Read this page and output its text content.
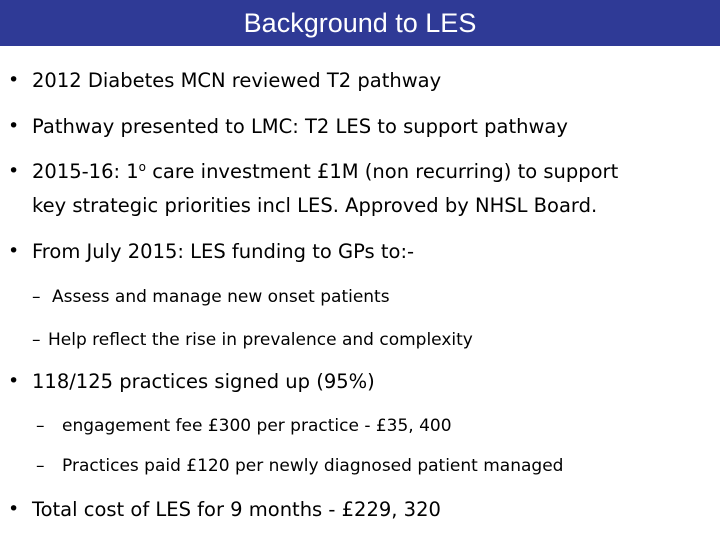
Background to LES
• 2012 Diabetes MCN reviewed T2 pathway
• Pathway presented to LMC: T2 LES to support pathway
• 2015-16: 1$^o$ care investment £1M (non recurring) to support
key strategic priorities incl LES. Approved by NHSL Board.
• From July 2015: LES funding to GPs to:-
– Assess and manage new onset patients
– Help reflect the rise in prevalence and complexity
• 118/125 practices signed up (95%)
– engagement fee £300 per practice - £35, 400
– Practices paid £120 per newly diagnosed patient managed
• Total cost of LES for 9 months - £229, 320
